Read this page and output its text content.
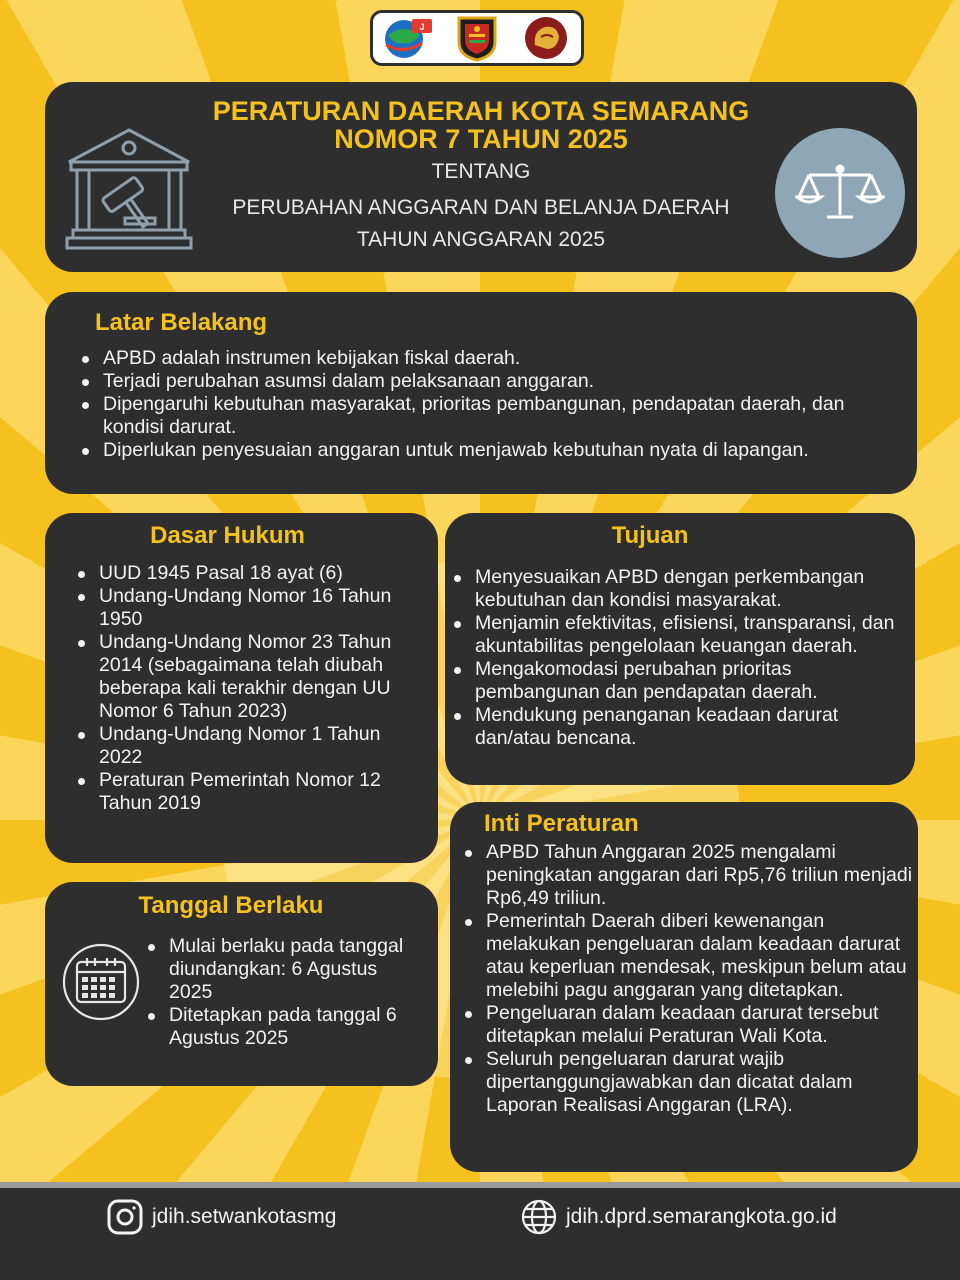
J
PERATURAN DAERAH KOTA SEMARANG
NOMOR 7 TAHUN 2025
TENTANG
PERUBAHAN ANGGARAN DAN BELANJA DAERAH
TAHUN ANGGARAN 2025
Latar Belakang
APBD adalah instrumen kebijakan fiskal daerah.
Terjadi perubahan asumsi dalam pelaksanaan anggaran.
Dipengaruhi kebutuhan masyarakat, prioritas pembangunan, pendapatan daerah, dan kondisi darurat.
Diperlukan penyesuaian anggaran untuk menjawab kebutuhan nyata di lapangan.
Dasar Hukum
UUD 1945 Pasal 18 ayat (6)
Undang-Undang Nomor 16 Tahun 1950
Undang-Undang Nomor 23 Tahun 2014 (sebagaimana telah diubah beberapa kali terakhir dengan UU Nomor 6 Tahun 2023)
Undang-Undang Nomor 1 Tahun 2022
Peraturan Pemerintah Nomor 12 Tahun 2019
Tujuan
Menyesuaikan APBD dengan perkembangan kebutuhan dan kondisi masyarakat.
Menjamin efektivitas, efisiensi, transparansi, dan akuntabilitas pengelolaan keuangan daerah.
Mengakomodasi perubahan prioritas pembangunan dan pendapatan daerah.
Mendukung penanganan keadaan darurat dan/atau bencana.
Tanggal Berlaku
Mulai berlaku pada tanggal diundangkan: 6 Agustus 2025
Ditetapkan pada tanggal 6 Agustus 2025
Inti Peraturan
APBD Tahun Anggaran 2025 mengalami peningkatan anggaran dari Rp5,76 triliun menjadi Rp6,49 triliun.
Pemerintah Daerah diberi kewenangan melakukan pengeluaran dalam keadaan darurat atau keperluan mendesak, meskipun belum atau melebihi pagu anggaran yang ditetapkan.
Pengeluaran dalam keadaan darurat tersebut ditetapkan melalui Peraturan Wali Kota.
Seluruh pengeluaran darurat wajib dipertanggungjawabkan dan dicatat dalam Laporan Realisasi Anggaran (LRA).
jdih.setwankotasmg	jdih.dprd.semarangkota.go.id
